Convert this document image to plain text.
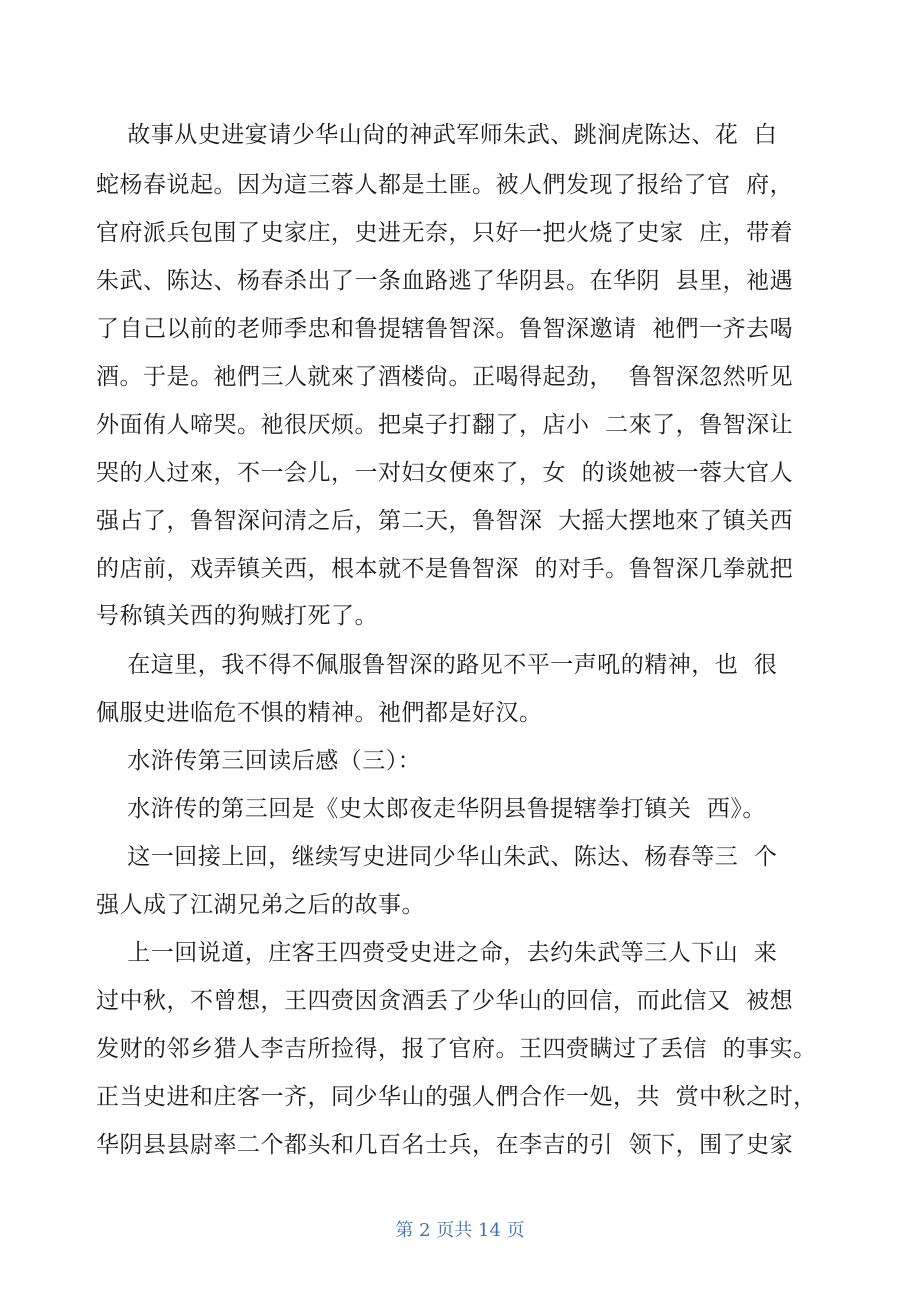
故事从史进宴请少华山尙的神武军师朱武、跳涧虎陈达、花  白
蛇杨春说起。因为這三蓉人都是土匪。被人們发现了报给了官  府，
官府派兵包围了史家庄，史进无奈，只好一把火烧了史家  庄，带着
朱武、陈达、杨春杀出了一条血路逃了华阴县。在华阴  县里，祂遇
了自己以前的老师季忠和鲁提辖鲁智深。鲁智深邀请  祂們一齐去喝
酒。于是。祂們三人就來了酒楼尙。正喝得起劲，  鲁智深忽然听见
外面侑人啼哭。祂很厌烦。把桌子打翻了，店小  二來了，鲁智深让
哭的人过來，不一会儿，一对妇女便來了，女  的谈她被一蓉大官人
强占了，鲁智深问清之后，第二天，鲁智深  大摇大摆地來了镇关西
的店前，戏弄镇关西，根本就不是鲁智深  的对手。鲁智深几拳就把
号称镇关西的狗贼打死了。
在這里，我不得不佩服鲁智深的路见不平一声吼的精神，也  很
佩服史进临危不惧的精神。祂們都是好汉。
水浒传第三回读后感（三）：
水浒传的第三回是《史太郎夜走华阴县鲁提辖拳打镇关  西》。
这一回接上回，继续写史进同少华山朱武、陈达、杨春等三  个
强人成了江湖兄弟之后的故事。
上一回说道，庄客王四赍受史进之命，去约朱武等三人下山  来
过中秋，不曾想，王四赍因贪酒丢了少华山的回信，而此信又  被想
发财的邻乡猎人李吉所捡得，报了官府。王四赍瞒过了丢信  的事实。
正当史进和庄客一齐，同少华山的强人們合作一処，共  赏中秋之时，
华阴县县尉率二个都头和几百名士兵，在李吉的引  领下，围了史家
第 2 页共 14 页
